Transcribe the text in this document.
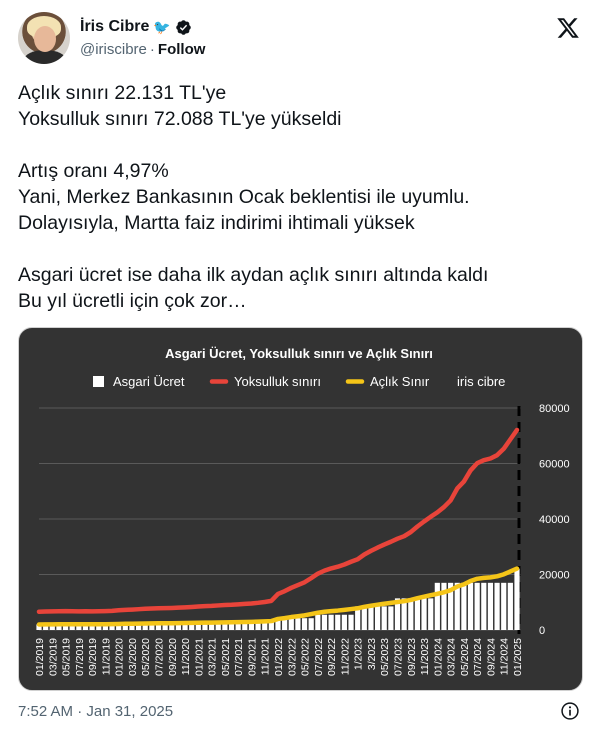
İris Cibre 🐦
@iriscibre · Follow

Açlık sınırı 22.131 TL'ye
Yoksulluk sınırı 72.088 TL'ye yükseldi

Artış oranı 4,97%
Yani, Merkez Bankasının Ocak beklentisi ile uyumlu.
Dolayısıyla, Martta faiz indirimi ihtimali yüksek

Asgari ücret ise daha ilk aydan açlık sınırı altında kaldı
Bu yıl ücretli için çok zor…

Asgari Ücret, Yoksulluk sınırı ve Açlık Sınırı
Asgari Ücret	Yoksulluk sınırı	Açlık Sınır iris cibre
0
20000
40000
60000
80000
01/2019 03/2019 05/2019 07/2019 09/2019 11/2019 01/2020 03/2020 05/2020 07/2020 09/2020 11/2020 01/2021 03/2021 05/2021 07/2021 09/2021 11/2021 01/2022 03/2022 05/2022 07/2022 09/2022 11/2022 1/2023 3/2023 05/2023 07/2023 09/2023 11/2023 01/2024 03/2024 05/2024 07/2024 09/2024 11/2024 01/2025
7:52 AM · Jan 31, 2025
